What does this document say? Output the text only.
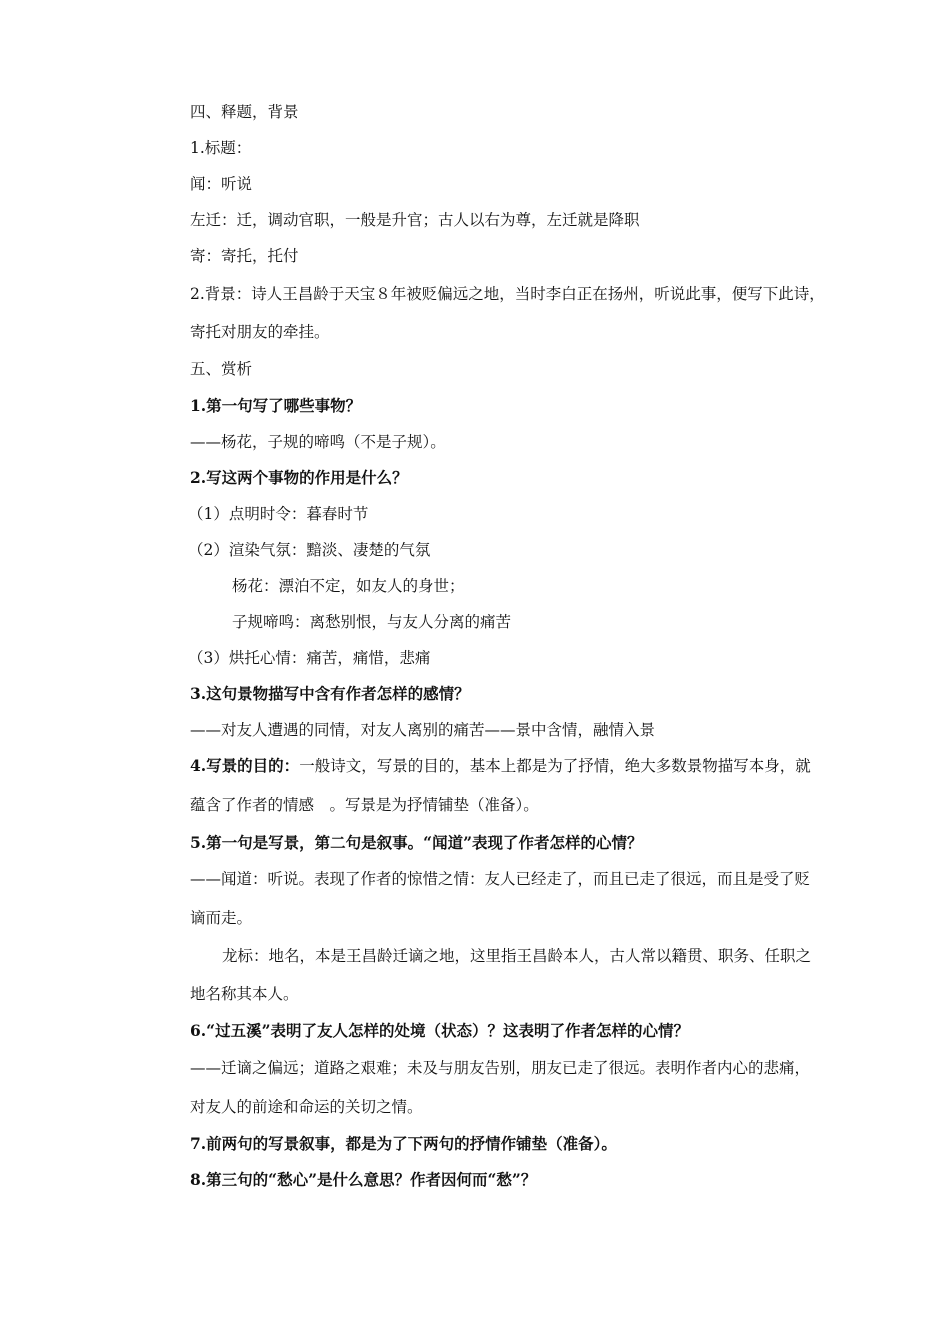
四、释题，背景

1.标题：

闻：听说

左迁：迁，调动官职，一般是升官；古人以右为尊，左迁就是降职

寄：寄托，托付

2.背景：诗人王昌龄于天宝８年被贬偏远之地，当时李白正在扬州，听说此事，便写下此诗，

寄托对朋友的牵挂。

五、赏析

1.第一句写了哪些事物？

——杨花，子规的啼鸣（不是子规）。

2.写这两个事物的作用是什么？

（1）点明时令：暮春时节

（2）渲染气氛：黯淡、凄楚的气氛

杨花：漂泊不定，如友人的身世；

子规啼鸣：离愁别恨，与友人分离的痛苦

（3）烘托心情：痛苦，痛惜，悲痛

3.这句景物描写中含有作者怎样的感情？

——对友人遭遇的同情，对友人离别的痛苦——景中含情，融情入景

4.写景的目的：一般诗文，写景的目的，基本上都是为了抒情，绝大多数景物描写本身，就

蕴含了作者的情感　。写景是为抒情铺垫（准备）。

5.第一句是写景，第二句是叙事。“闻道”表现了作者怎样的心情？

——闻道：听说。表现了作者的惊惜之情：友人已经走了，而且已走了很远，而且是受了贬

谪而走。

龙标：地名，本是王昌龄迁谪之地，这里指王昌龄本人，古人常以籍贯、职务、任职之

地名称其本人。

6.“过五溪”表明了友人怎样的处境（状态）？这表明了作者怎样的心情？

——迁谪之偏远；道路之艰难；未及与朋友告别，朋友已走了很远。表明作者内心的悲痛，

对友人的前途和命运的关切之情。

7.前两句的写景叙事，都是为了下两句的抒情作铺垫（准备）。

8.第三句的“愁心”是什么意思？作者因何而“愁”？
